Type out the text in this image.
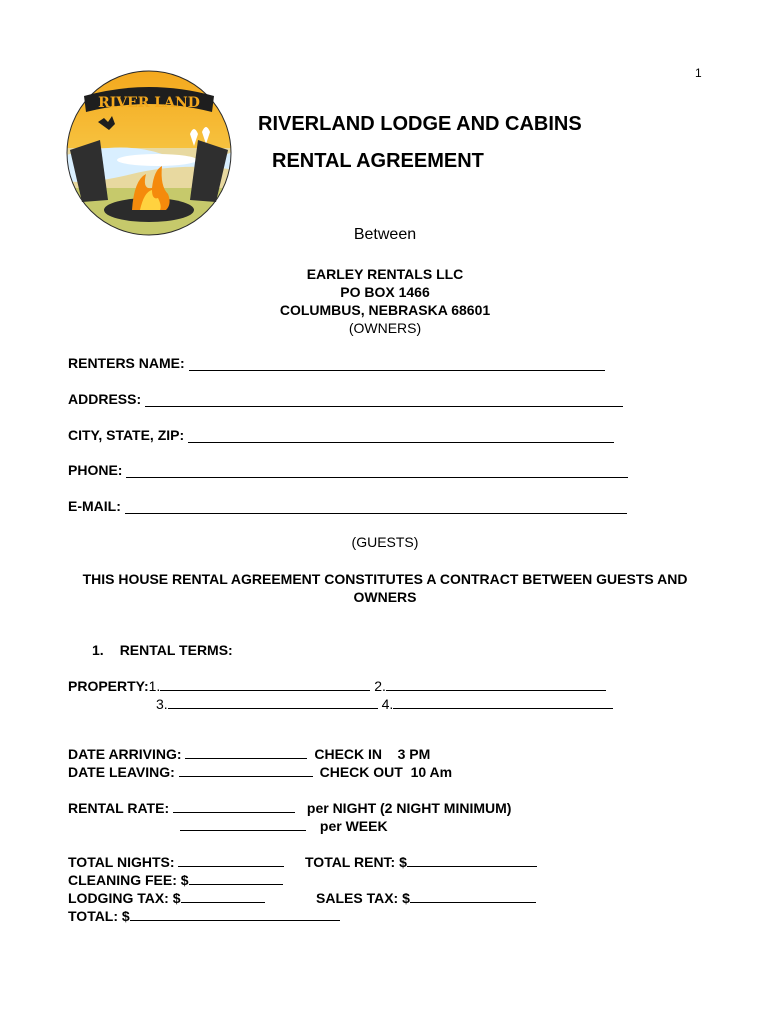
1
RIVER LAND
RIVERLAND LODGE AND CABINS
RENTAL AGREEMENT
Between
EARLEY RENTALS LLC
PO BOX 1466
COLUMBUS, NEBRASKA 68601
(OWNERS)
RENTERS NAME:
ADDRESS:
CITY, STATE, ZIP:
PHONE:
E-MAIL:
(GUESTS)
THIS HOUSE RENTAL AGREEMENT CONSTITUTES A CONTRACT BETWEEN GUESTS AND OWNERS
1. RENTAL TERMS:
PROPERTY:1.	2.
3.	4.
DATE ARRIVING:	CHECK IN    3 PM
DATE LEAVING:	CHECK OUT  10 Am
RENTAL RATE:	per NIGHT (2 NIGHT MINIMUM)
per WEEK
TOTAL NIGHTS:	TOTAL RENT: $
CLEANING FEE: $
LODGING TAX: $	SALES TAX: $
TOTAL: $
